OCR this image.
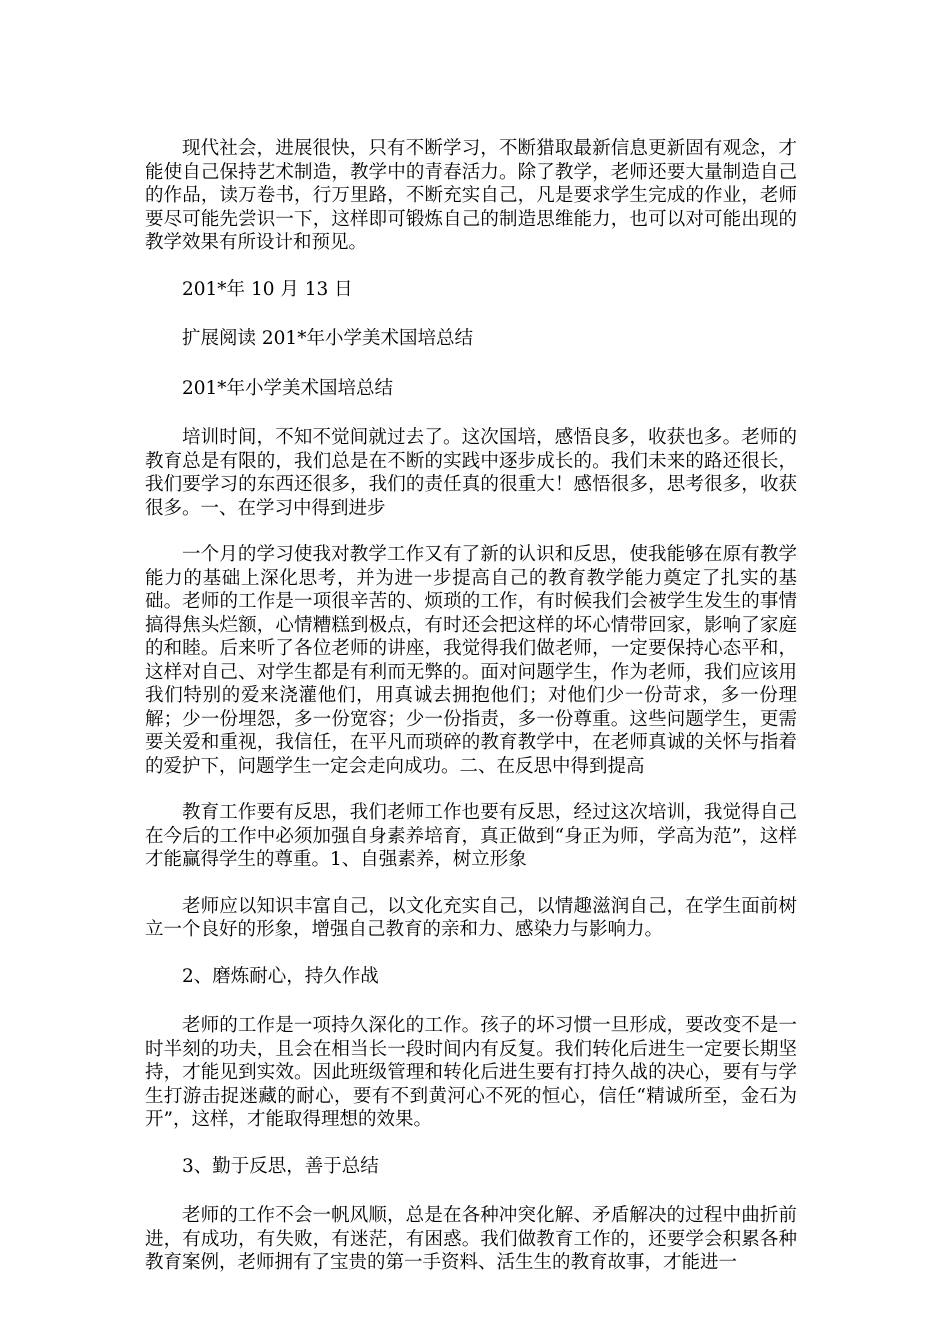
现代社会，进展很快，只有不断学习，不断猎取最新信息更新固有观念，才能使自己保持艺术制造，教学中的青春活力。除了教学，老师还要大量制造自己的作品，读万卷书，行万里路，不断充实自己，凡是要求学生完成的作业，老师要尽可能先尝识一下，这样即可锻炼自己的制造思维能力，也可以对可能出现的教学效果有所设计和预见。

201*年 10 月 13 日

扩展阅读 201*年小学美术国培总结

201*年小学美术国培总结

培训时间，不知不觉间就过去了。这次国培，感悟良多，收获也多。老师的教育总是有限的，我们总是在不断的实践中逐步成长的。我们未来的路还很长，我们要学习的东西还很多，我们的责任真的很重大！感悟很多，思考很多，收获很多。一、在学习中得到进步

一个月的学习使我对教学工作又有了新的认识和反思，使我能够在原有教学能力的基础上深化思考，并为进一步提高自己的教育教学能力奠定了扎实的基础。老师的工作是一项很辛苦的、烦琐的工作，有时候我们会被学生发生的事情搞得焦头烂额，心情糟糕到极点，有时还会把这样的坏心情带回家，影响了家庭的和睦。后来听了各位老师的讲座，我觉得我们做老师，一定要保持心态平和，这样对自己、对学生都是有利而无弊的。面对问题学生，作为老师，我们应该用我们特别的爱来浇灌他们，用真诚去拥抱他们；对他们少一份苛求，多一份理解；少一份埋怨，多一份宽容；少一份指责，多一份尊重。这些问题学生，更需要关爱和重视，我信任，在平凡而琐碎的教育教学中，在老师真诚的关怀与指着的爱护下，问题学生一定会走向成功。二、在反思中得到提高

教育工作要有反思，我们老师工作也要有反思，经过这次培训，我觉得自己在今后的工作中必须加强自身素养培育，真正做到“身正为师，学高为范”，这样才能赢得学生的尊重。1、自强素养，树立形象

老师应以知识丰富自己，以文化充实自己，以情趣滋润自己，在学生面前树立一个良好的形象，增强自己教育的亲和力、感染力与影响力。

2、磨炼耐心，持久作战

老师的工作是一项持久深化的工作。孩子的坏习惯一旦形成，要改变不是一时半刻的功夫，且会在相当长一段时间内有反复。我们转化后进生一定要长期坚持，才能见到实效。因此班级管理和转化后进生要有打持久战的决心，要有与学生打游击捉迷藏的耐心，要有不到黄河心不死的恒心，信任“精诚所至，金石为开”，这样，才能取得理想的效果。

3、勤于反思，善于总结

老师的工作不会一帆风顺，总是在各种冲突化解、矛盾解决的过程中曲折前进，有成功，有失败，有迷茫，有困惑。我们做教育工作的，还要学会积累各种教育案例，老师拥有了宝贵的第一手资料、活生生的教育故事，才能进一
